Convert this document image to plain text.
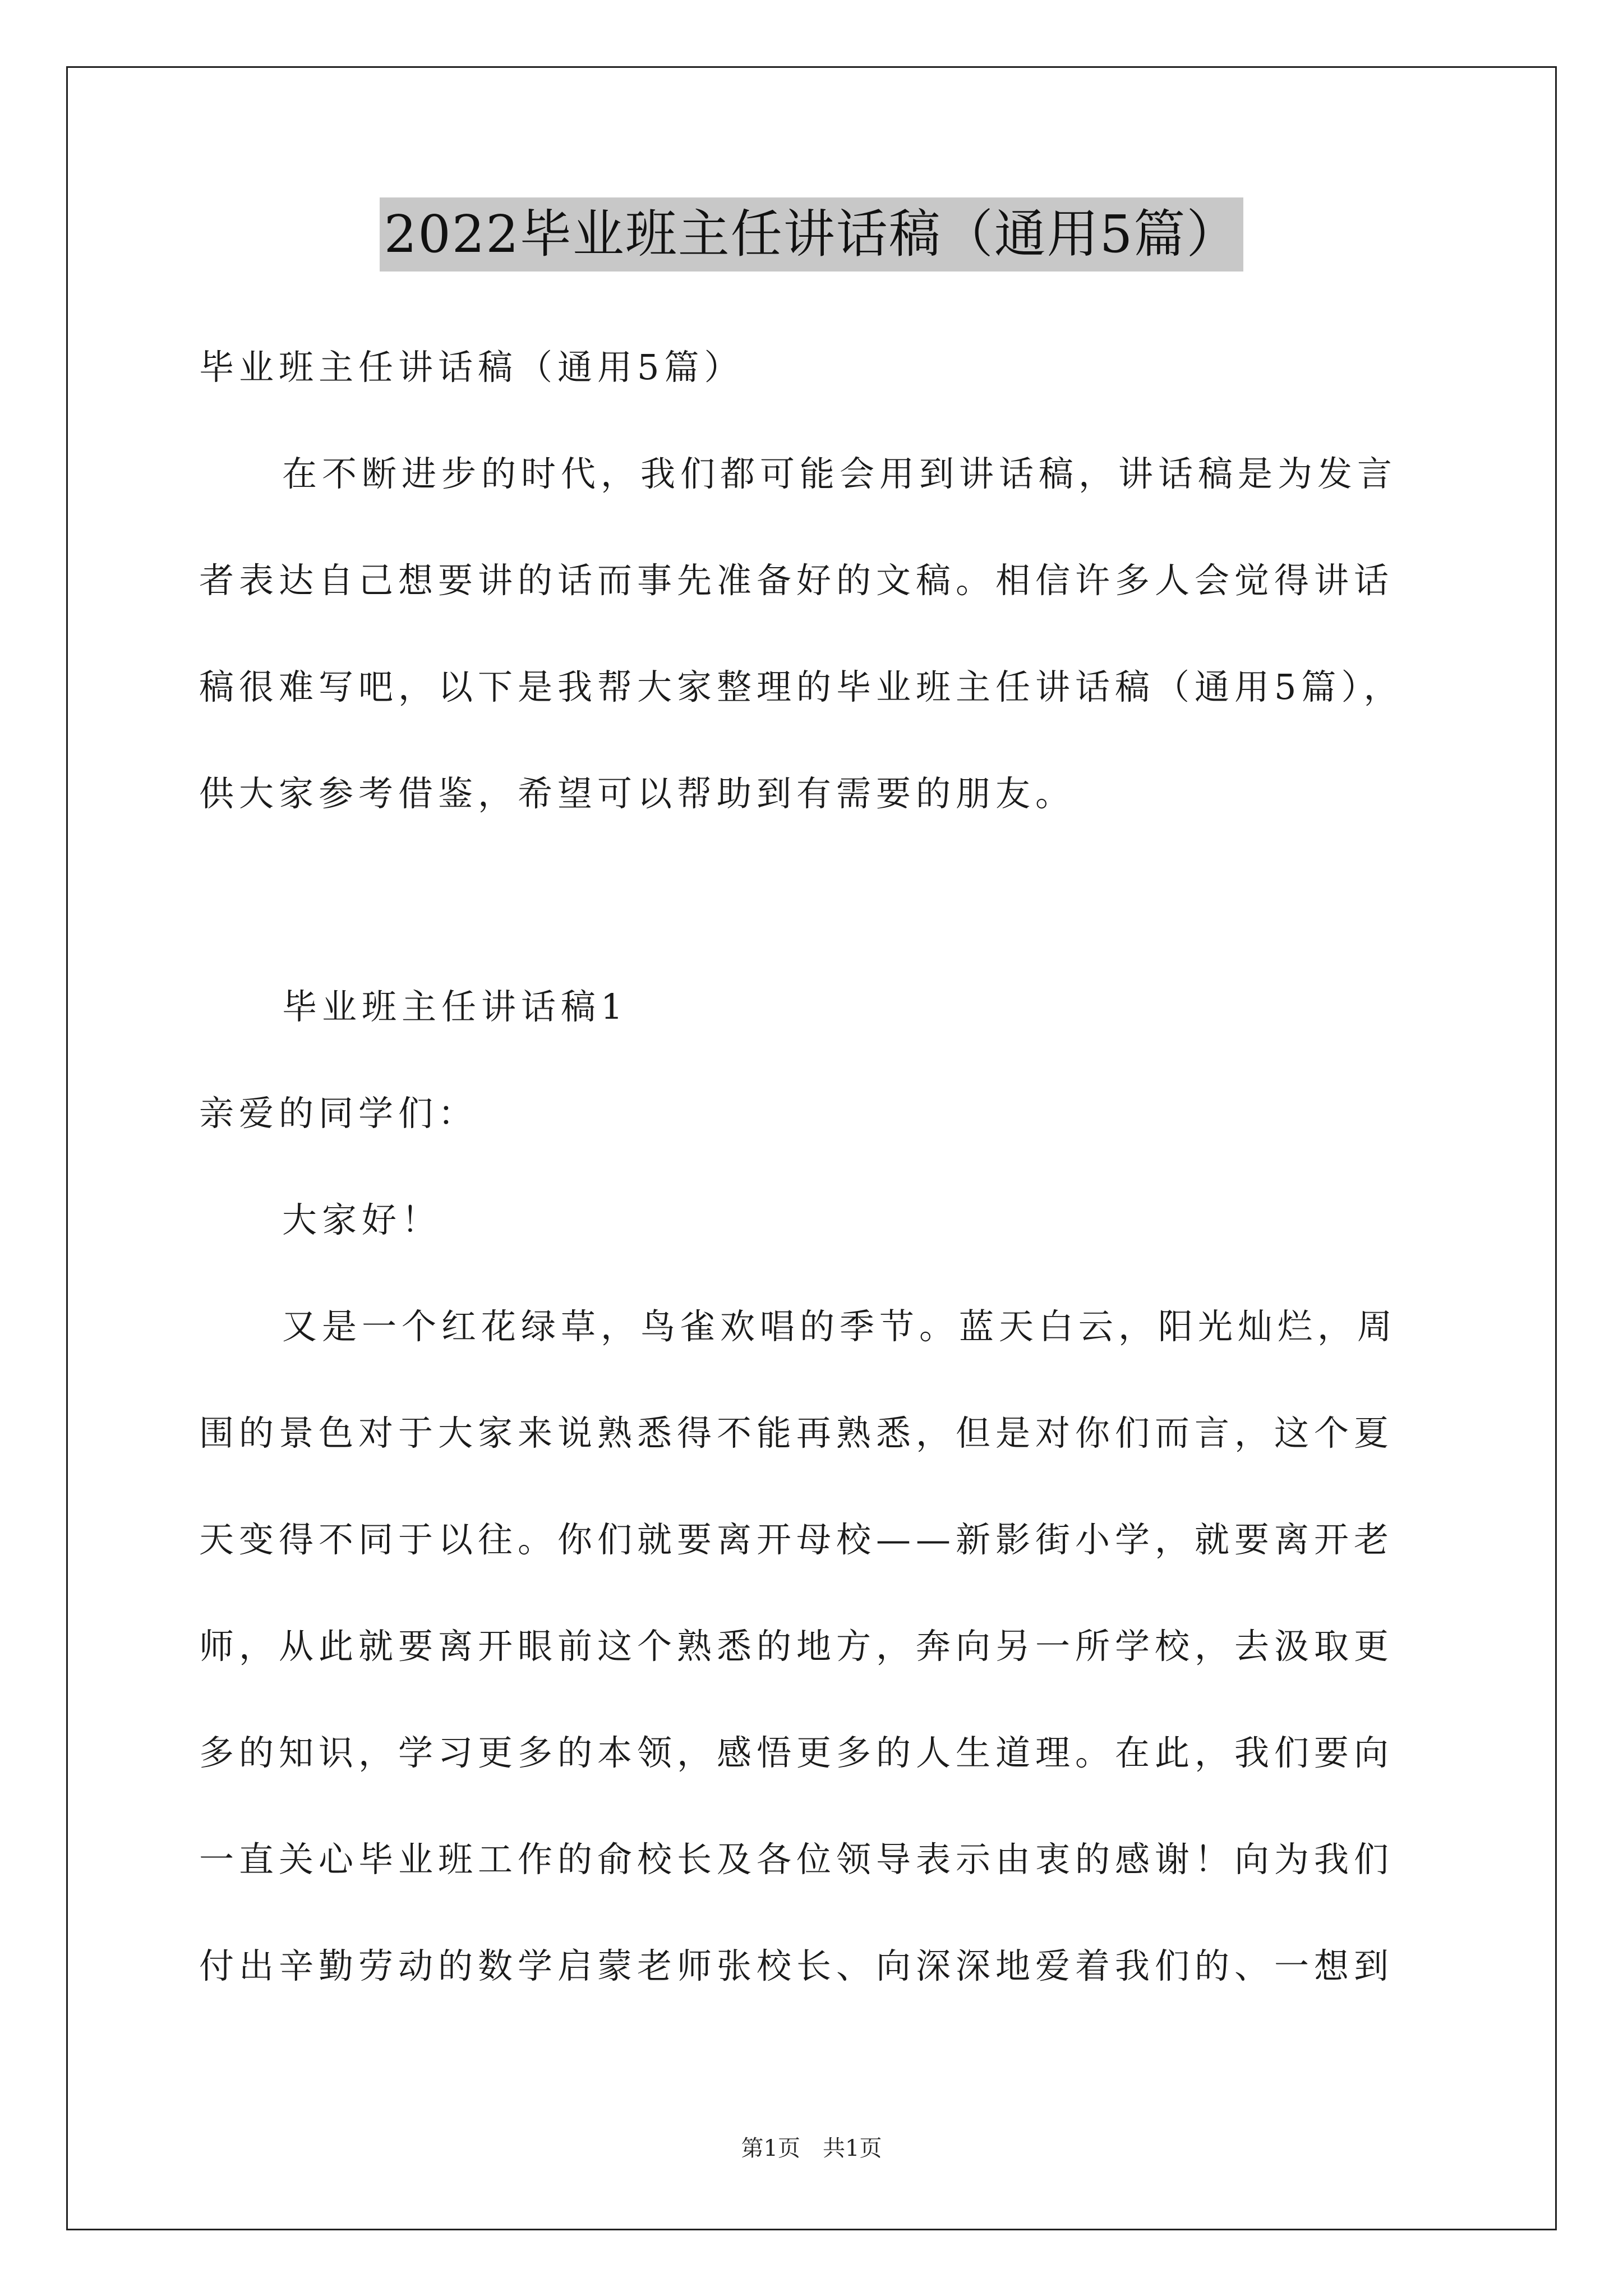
2022毕业班主任讲话稿（通用5篇）
毕业班主任讲话稿（通用5篇）
在不断进步的时代，我们都可能会用到讲话稿，讲话稿是为发言
者表达自己想要讲的话而事先准备好的文稿。相信许多人会觉得讲话
稿很难写吧，以下是我帮大家整理的毕业班主任讲话稿（通用5篇），
供大家参考借鉴，希望可以帮助到有需要的朋友。
毕业班主任讲话稿1
亲爱的同学们：
大家好！
又是一个红花绿草，鸟雀欢唱的季节。蓝天白云，阳光灿烂，周
围的景色对于大家来说熟悉得不能再熟悉，但是对你们而言，这个夏
天变得不同于以往。你们就要离开母校——新影街小学，就要离开老
师，从此就要离开眼前这个熟悉的地方，奔向另一所学校，去汲取更
多的知识，学习更多的本领，感悟更多的人生道理。在此，我们要向
一直关心毕业班工作的俞校长及各位领导表示由衷的感谢！向为我们
付出辛勤劳动的数学启蒙老师张校长、向深深地爱着我们的、一想到
第1页　共1页
